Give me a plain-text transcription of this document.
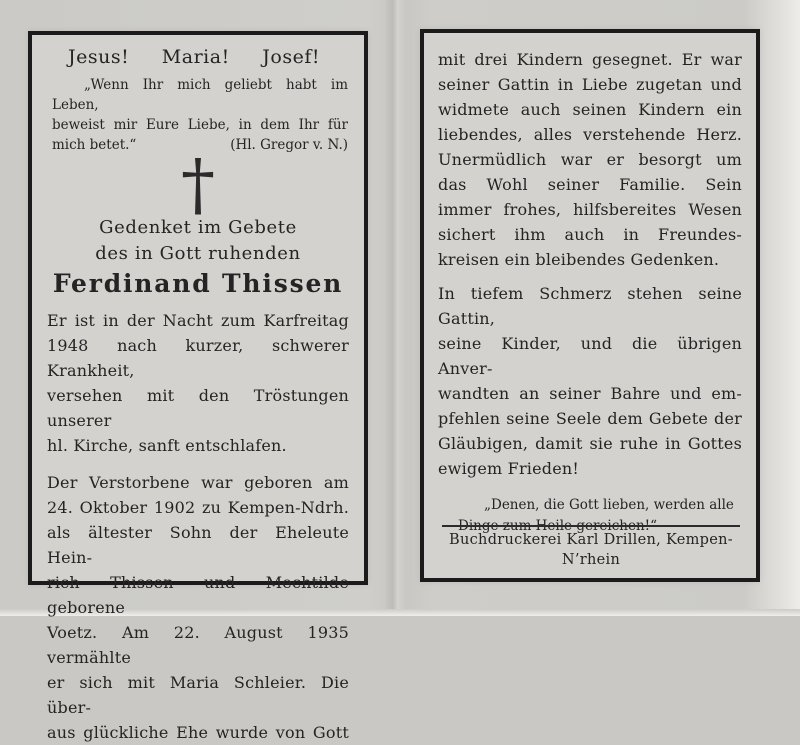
Jesus! Maria! Josef!
„Wenn Ihr mich geliebt habt im Leben,
beweist mir Eure Liebe, in dem Ihr für
mich betet.“	(Hl. Gregor v. N.)
†
Gedenket im Gebete
des in Gott ruhenden
Ferdinand Thissen
Er ist in der Nacht zum Karfreitag
1948 nach kurzer, schwerer Krankheit,
versehen mit den Tröstungen unserer
hl. Kirche, sanft entschlafen.
Der Verstorbene war geboren am
24. Oktober 1902 zu Kempen-Ndrh.
als ältester Sohn der Eheleute Hein-
rich Thissen und Mechtilde geborene
Voetz. Am 22. August 1935 vermählte
er sich mit Maria Schleier. Die über-
aus glückliche Ehe wurde von Gott
mit drei Kindern gesegnet. Er war
seiner Gattin in Liebe zugetan und
widmete auch seinen Kindern ein
liebendes, alles verstehende Herz.
Unermüdlich war er besorgt um
das Wohl seiner Familie. Sein
immer frohes, hilfsbereites Wesen
sichert ihm auch in Freundes-
kreisen ein bleibendes Gedenken.
In tiefem Schmerz stehen seine Gattin,
seine Kinder, und die übrigen Anver-
wandten an seiner Bahre und em-
pfehlen seine Seele dem Gebete der
Gläubigen, damit sie ruhe in Gottes
ewigem Frieden!
„Denen, die Gott lieben, werden alle
Dinge zum Heile gereichen!“
Buchdruckerei Karl Drillen, Kempen-N’rhein
